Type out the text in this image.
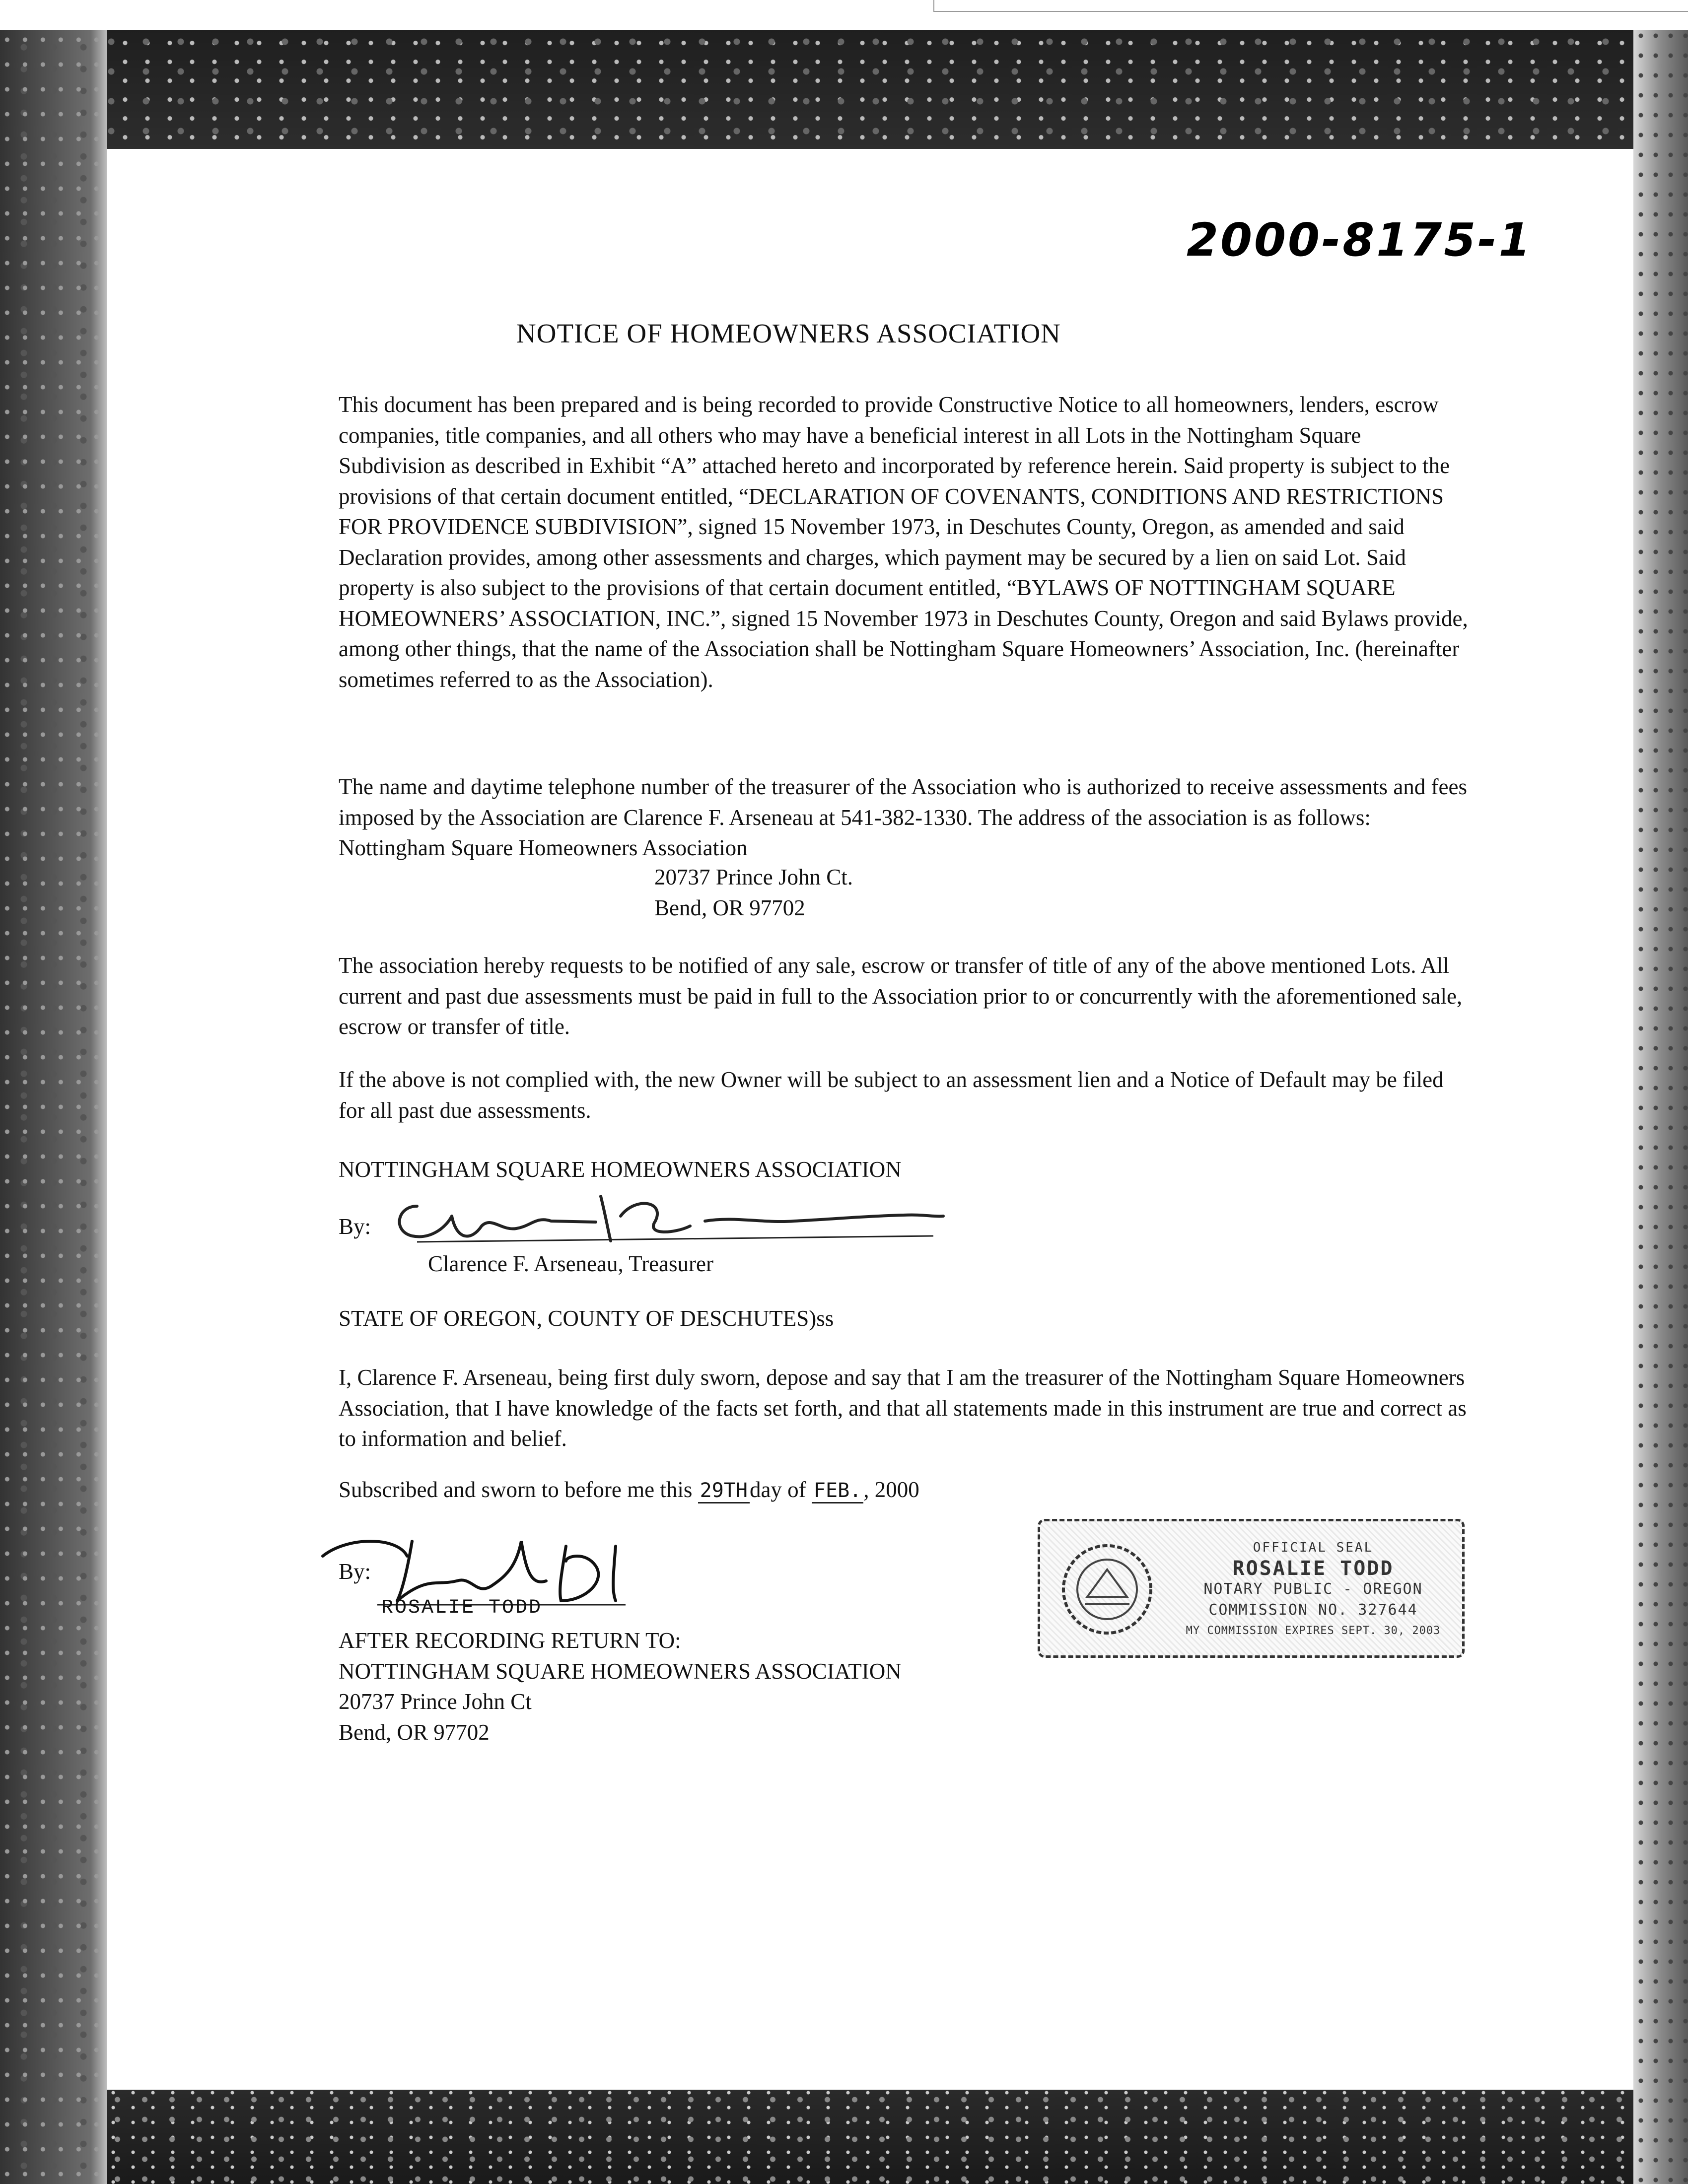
2000-8175-1
NOTICE OF HOMEOWNERS ASSOCIATION

This document has been prepared and is being recorded to provide Constructive Notice to all homeowners, lenders, escrow companies, title companies, and all others who may have a beneficial interest in all Lots in the Nottingham Square Subdivision as described in Exhibit “A” attached hereto and incorporated by reference herein. Said property is subject to the provisions of that certain document entitled, “DECLARATION OF COVENANTS, CONDITIONS AND RESTRICTIONS FOR PROVIDENCE SUBDIVISION”, signed 15 November 1973, in Deschutes County, Oregon, as amended and said Declaration provides, among other assessments and charges, which payment may be secured by a lien on said Lot. Said property is also subject to the provisions of that certain document entitled, “BYLAWS OF NOTTINGHAM SQUARE HOMEOWNERS’ ASSOCIATION, INC.”, signed 15 November 1973 in Deschutes County, Oregon and said Bylaws provide, among other things, that the name of the Association shall be Nottingham Square Homeowners’ Association, Inc. (hereinafter sometimes referred to as the Association).

The name and daytime telephone number of the treasurer of the Association who is authorized to receive assessments and fees imposed by the Association are Clarence F. Arseneau at 541-382-1330. The address of the association is as follows: Nottingham Square Homeowners Association

20737 Prince John Ct.
Bend, OR 97702

The association hereby requests to be notified of any sale, escrow or transfer of title of any of the above mentioned Lots. All current and past due assessments must be paid in full to the Association prior to or concurrently with the aforementioned sale, escrow or transfer of title.

If the above is not complied with, the new Owner will be subject to an assessment lien and a Notice of Default may be filed for all past due assessments.

NOTTINGHAM SQUARE HOMEOWNERS ASSOCIATION
By:
Clarence F. Arseneau, Treasurer
STATE OF OREGON, COUNTY OF DESCHUTES)ss

I, Clarence F. Arseneau, being first duly sworn, depose and say that I am the treasurer of the Nottingham Square Homeowners Association, that I have knowledge of the facts set forth, and that all statements made in this instrument are true and correct as to information and belief.

Subscribed and sworn to before me this 29THday of FEB., 2000
By:
ROSALIE TODD
AFTER RECORDING RETURN TO:
NOTTINGHAM SQUARE HOMEOWNERS ASSOCIATION
20737 Prince John Ct
Bend, OR 97702
OFFICIAL SEAL
ROSALIE TODD
NOTARY PUBLIC - OREGON
COMMISSION NO. 327644
MY COMMISSION EXPIRES SEPT. 30, 2003
